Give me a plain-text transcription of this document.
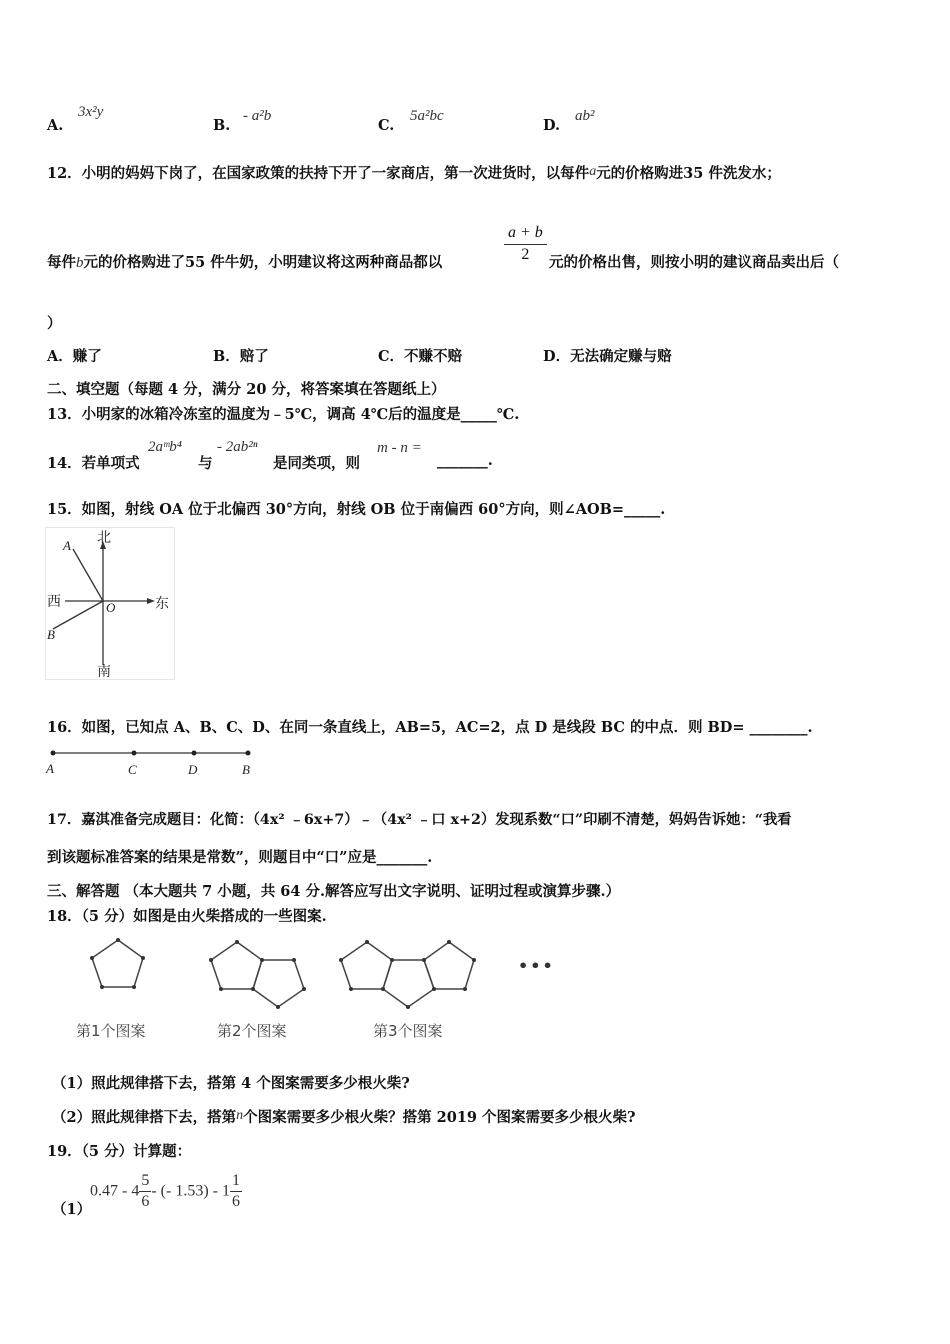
A.
3x²y
B.
- a²b
C.
5a²bc
D.
ab²
12．小明的妈妈下岗了，在国家政策的扶持下开了一家商店，第一次进货时，以每件a元的价格购进35 件洗发水；
每件b元的价格购进了55 件牛奶，小明建议将这两种商品都以	$\frac{a + b}{2}$ 元的价格出售，则按小明的建议商品卖出后（
）
A．赚了	B．赔了	C．不赚不赔	D．无法确定赚与赔
二、填空题（每题 4 分，满分 20 分，将答案填在答题纸上）
13．小明家的冰箱冷冻室的温度为﹣5℃，调高 4℃后的温度是_____℃.
14．若单项式
2aᵐb⁴
与
- 2ab²ⁿ
是同类项，则
m - n =
_______.
15．如图，射线 OA 位于北偏西 30°方向，射线 OB 位于南偏西 60°方向，则∠AOB=_____.
北
南
西	东
A
B
O
16．如图，已知点 A、B、C、D、在同一条直线上，AB=5，AC=2，点 D 是线段 BC 的中点．则 BD= ________.
A	C	D	B
17．嘉淇准备完成题目：化简：（4x² ﹣6x+7）﹣（4x² ﹣口 x+2）发现系数“口”印刷不清楚，妈妈告诉她：“我看
到该题标准答案的结果是常数”，则题目中“口”应是_______.
三、解答题 （本大题共 7 小题，共 64 分.解答应写出文字说明、证明过程或演算步骤.）
18．（5 分）如图是由火柴搭成的一些图案.
•••
第1个图案	第2个图案	第3个图案
（1）照此规律搭下去，搭第 4 个图案需要多少根火柴?
（2）照此规律搭下去，搭第n个图案需要多少根火柴？搭第 2019 个图案需要多少根火柴?
19．（5 分）计算题：
（1）
$0.47 - 4 \frac{5}{6}$ - (- $1.53) - 1 \frac{1}{6}$
